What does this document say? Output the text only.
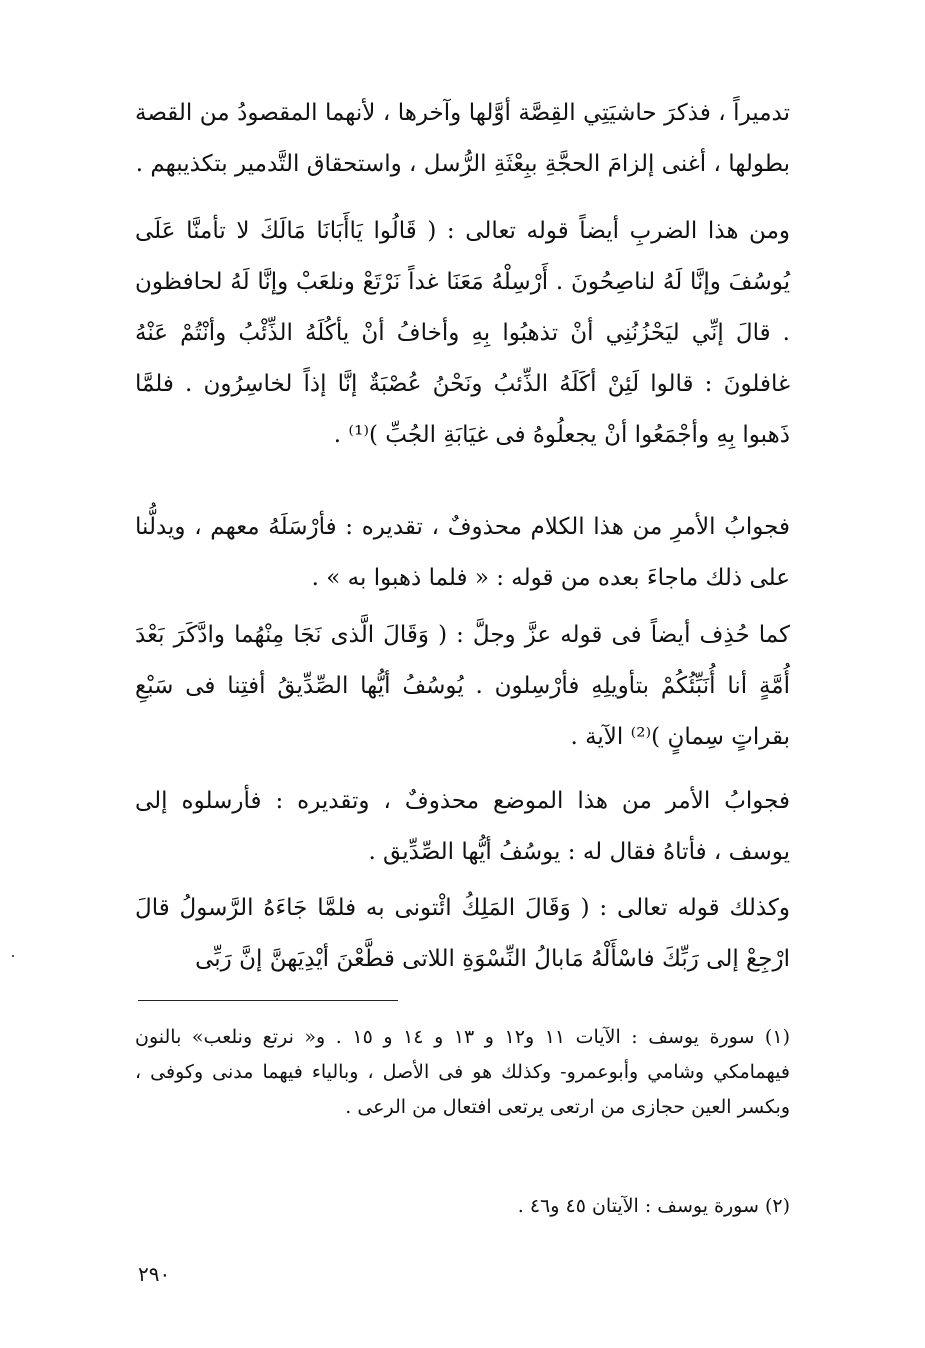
تدميراً ، فذكرَ حاشيَتِي القِصَّة أوَّلها وآخرها ، لأنهما المقصودُ من القصة بطولها ، أغنى إلزامَ الحجَّةِ ببِعْثَةِ الرُّسل ، واستحقاق التَّدمير بتكذيبهم .

ومن هذا الضربِ أيضاً قوله تعالى : ( قَالُوا يَاأَبَانَا مَالَكَ لا تأمنَّا عَلَى يُوسُفَ وإنَّا لَهُ لناصِحُونَ . أَرْسِلْهُ مَعَنَا غداً نَرْتَعْ ونلعَبْ وإنَّا لَهُ لحافظون . قالَ إنِّي ليَحْزُنُنِي أنْ تذهبُوا بِهِ وأخافُ أنْ يأكُلَهُ الذِّئْبُ وأنْتُمْ عَنْهُ غافلونَ : قالوا لَئِنْ أكَلَهُ الذِّئبُ ونَحْنُ عُصْبَةٌ إنَّا إذاً لخاسِرُون . فلمَّا ذَهبوا بِهِ وأجْمَعُوا أنْ يجعلُوهُ فى غيَابَةِ الجُبِّ )⁽¹⁾ .

فجوابُ الأمرِ من هذا الكلام محذوفٌ ، تقديره : فأرْسَلَهُ معهم ، ويدلُّنا على ذلك ماجاءَ بعده من قوله : « فلما ذهبوا به » .

كما حُذِف أيضاً فى قوله عزَّ وجلَّ : ( وَقَالَ الَّذى نَجَا مِنْهُما وادَّكَرَ بَعْدَ أُمَّةٍ أنا أُنَبِّئُكُمْ بتأويلِهِ فأرْسِلون . يُوسُفُ أيُّها الصِّدِّيقُ أفتِنا فى سَبْعِ بقراتٍ سِمانٍ )⁽²⁾ الآية .

فجوابُ الأمر من هذا الموضع محذوفٌ ، وتقديره : فأرسلوه إلى يوسف ، فأتاهُ فقال له : يوسُفُ أيُّها الصِّدِّيق .

وكذلك قوله تعالى : ( وَقَالَ المَلِكُ ائْتونى به فلمَّا جَاءَهُ الرَّسولُ قالَ ارْجِعْ إلى رَبِّكَ فاسْأَلْهُ مَابالُ النِّسْوَةِ اللاتى قطَّعْنَ أيْدِيَهنَّ إنَّ رَبِّى

(١) سورة يوسف : الآيات ١١ و١٢ و ١٣ و ١٤ و ١٥ . و« نرتع ونلعب» بالنون فيهمامكي وشامي وأبوعمرو- وكذلك هو فى الأصل ، وبالياء فيهما مدنى وكوفى ، وبكسر العين حجازى من ارتعى يرتعى افتعال من الرعى .

(٢) سورة يوسف : الآيتان ٤٥ و٤٦ .

٢٩٠
